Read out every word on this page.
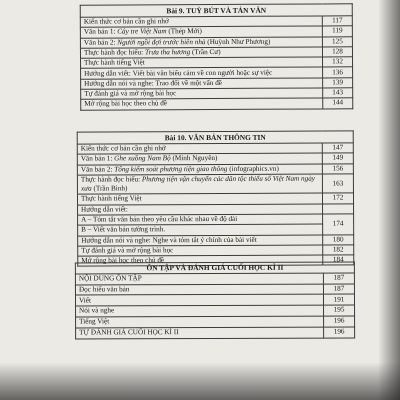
Bài 9. TUỲ BÚT VÀ TẢN VĂN	
Kiến thức cơ bản cần ghi nhớ	117
Văn bản 1: Cây tre Việt Nam (Thép Mới)	119
Văn bản 2: Người ngồi đợi trước hiên nhà (Huỳnh Như Phương)	125
Thực hành đọc hiểu: Trưa tha hương (Trần Cư)	128
Thực hành tiếng Việt	132
Hướng dẫn viết: Viết bài văn biểu cảm về con người hoặc sự việc	136
Hướng dẫn nói và nghe: Trao đổi về một vấn đề	139
Tự đánh giá và mở rộng bài học	143
Mở rộng bài học theo chủ đề	144
Bài 10. VĂN BẢN THÔNG TIN	
Kiến thức cơ bản cần ghi nhớ	147
Văn bản 1: Ghe xuồng Nam Bộ (Minh Nguyên)	149
Văn bản 2: Tổng kiểm soát phương tiện giao thông (infographics.vn)	156
Thực hành đọc hiểu: Phương tiện vận chuyển các dân tộc thiểu số Việt Nam ngày xưa (Trần Bình)	163
Thực hành tiếng Việt	172
Hướng dẫn viết:	
A – Tóm tắt văn bản theo yêu cầu khác nhau về độ dài	174
B – Viết văn bản tường trình.	
Hướng dẫn nói và nghe: Nghe và tóm tắt ý chính của bài viết	180
Tự đánh giá và mở rộng bài học	182
Mở rộng bài học theo chủ đề	184
ÔN TẬP VÀ ĐÁNH GIÁ CUỐI HỌC KÌ II	
NỘI DUNG ÔN TẬP	187
Đọc hiểu văn bản	187
Viết	191
Nói và nghe	195
Tiếng Việt	196
TỰ ĐÁNH GIÁ CUỐI HỌC KÌ II	196
